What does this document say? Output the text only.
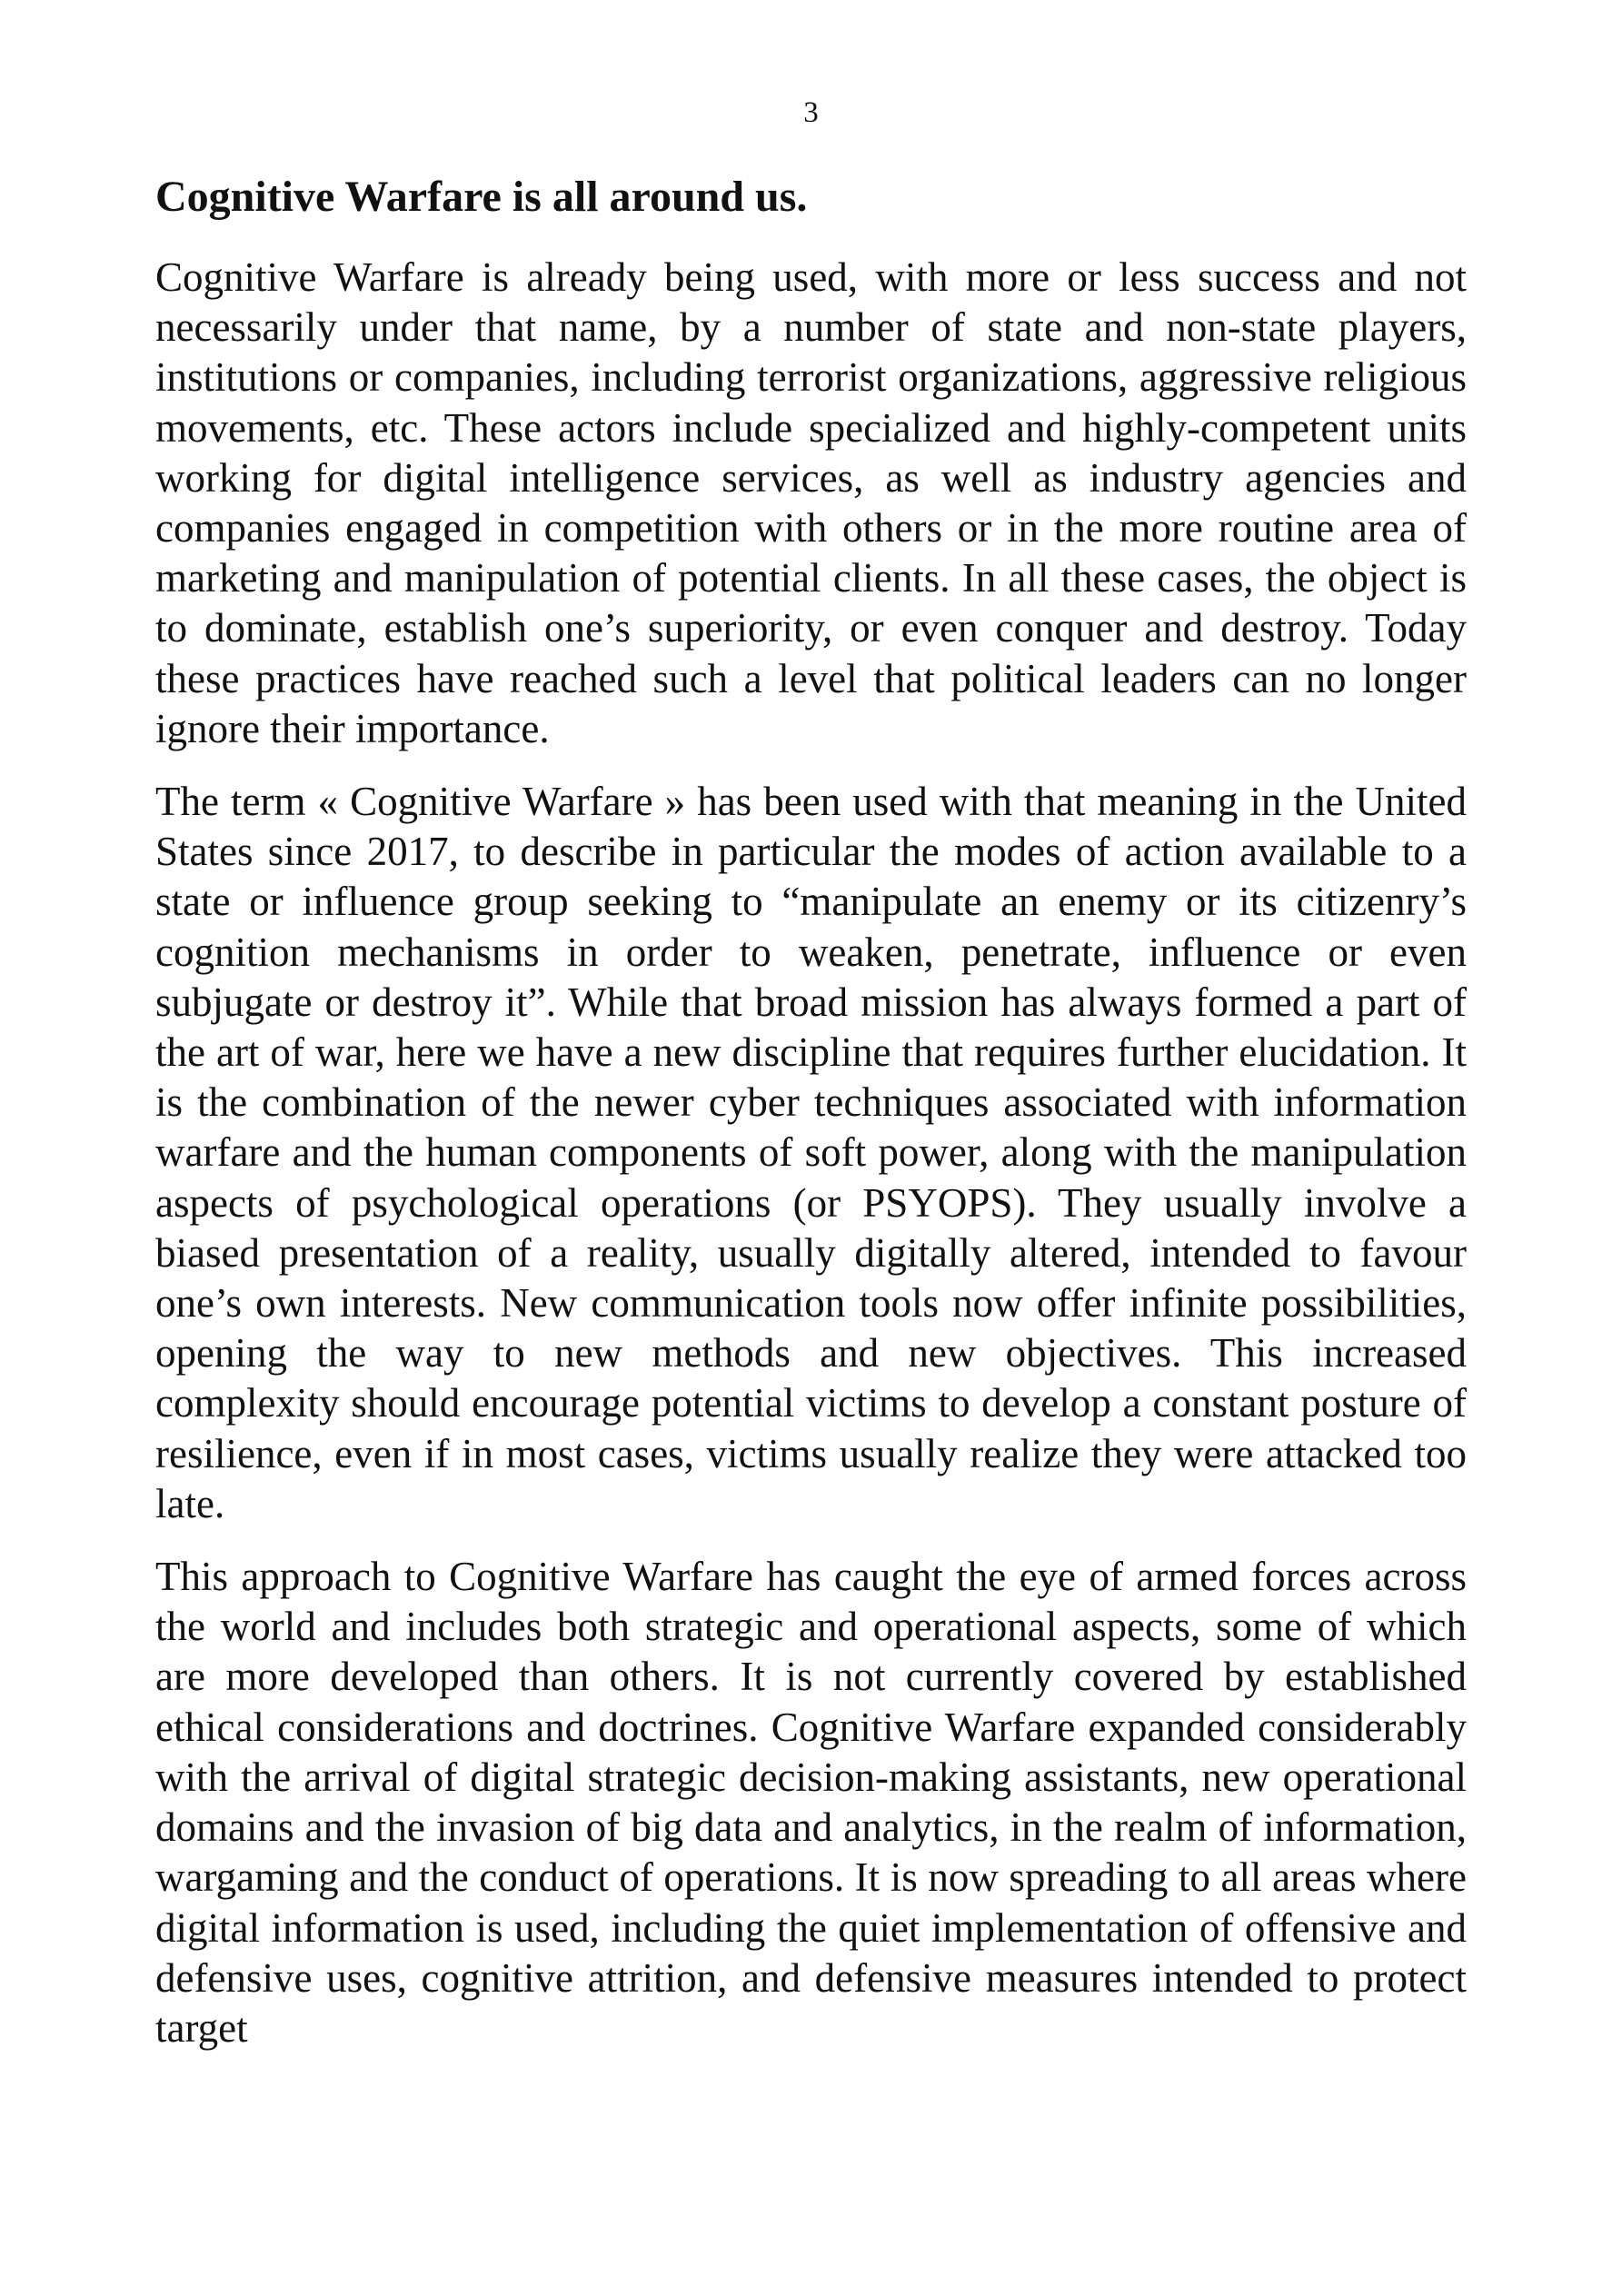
3
Cognitive Warfare is all around us.

Cognitive Warfare is already being used, with more or less success and not necessarily under that name, by a number of state and non-state players, institutions or companies, including terrorist organizations, aggressive religious movements, etc. These actors include specialized and highly-competent units working for digital intelligence services, as well as industry agencies and companies engaged in competition with others or in the more routine area of marketing and manipulation of potential clients. In all these cases, the object is to dominate, establish one’s superiority, or even conquer and destroy. Today these practices have reached such a level that political leaders can no longer ignore their importance.

The term « Cognitive Warfare » has been used with that meaning in the United States since 2017, to describe in particular the modes of action available to a state or influence group seeking to “manipulate an enemy or its citizenry’s cognition mechanisms in order to weaken, penetrate, influence or even subjugate or destroy it”. While that broad mission has always formed a part of the art of war, here we have a new discipline that requires further elucidation. It is the combination of the newer cyber techniques associated with information warfare and the human components of soft power, along with the manipulation aspects of psychological operations (or PSYOPS). They usually involve a biased presentation of a reality, usually digitally altered, intended to favour one’s own interests. New communication tools now offer infinite possibilities, opening the way to new methods and new objectives. This increased complexity should encourage potential victims to develop a constant posture of resilience, even if in most cases, victims usually realize they were attacked too late.

This approach to Cognitive Warfare has caught the eye of armed forces across the world and includes both strategic and operational aspects, some of which are more developed than others. It is not currently covered by established ethical considerations and doctrines. Cognitive Warfare expanded considerably with the arrival of digital strategic decision-making assistants, new operational domains and the invasion of big data and analytics, in the realm of information, wargaming and the conduct of operations. It is now spreading to all areas where digital information is used, including the quiet implementation of offensive and defensive uses, cognitive attrition, and defensive measures intended to protect target
